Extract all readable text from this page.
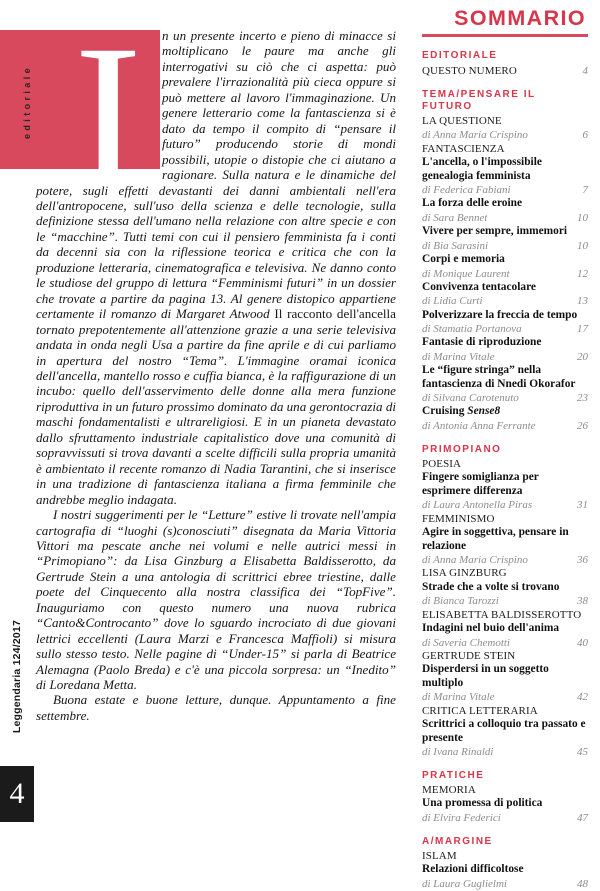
Leggendaria 124/2017
4
editoriale I	n un presente incerto e pieno di minacce si moltiplicano le paure ma anche gli interrogativi su ciò che ci aspetta: può prevalere l'irrazionalità più cieca oppure si può mettere al lavoro l'immaginazione. Un genere letterario come la fantascienza si è dato da tempo il compito di “pensare il futuro” producendo storie di mondi possibili, utopie o distopie che ci aiutano a ragionare. Sulla natura e le dinamiche del potere, sugli effetti devastanti dei danni ambientali nell'era dell'antropocene, sull'uso della scienza e delle tecnologie, sulla definizione stessa dell'umano nella relazione con altre specie e con le “macchine”. Tutti temi con cui il pensiero femminista fa i conti da decenni sia con la riflessione teorica e critica che con la produzione letteraria, cinematografica e televisiva. Ne danno conto le studiose del gruppo di lettura “Femminismi futuri” in un dossier che trovate a partire da pagina 13. Al genere distopico appartiene certamente il romanzo di Margaret Atwood Il racconto dell'ancella tornato prepotentemente all'attenzione grazie a una serie televisiva andata in onda negli Usa a partire da fine aprile e di cui parliamo in apertura del nostro “Tema”. L'immagine oramai iconica dell'ancella, mantello rosso e cuffia bianca, è la raffigurazione di un incubo: quello dell'asservimento delle donne alla mera funzione riproduttiva in un futuro prossimo dominato da una gerontocrazia di maschi fondamentalisti e ultrareligiosi. E in un pianeta devastato dallo sfruttamento industriale capitalistico dove una comunità di sopravvissuti si trova davanti a scelte difficili sulla propria umanità è ambientato il recente romanzo di Nadia Tarantini, che si inserisce in una tradizione di fantascienza italiana a firma femminile che andrebbe meglio indagata.

I nostri suggerimenti per le “Letture” estive li trovate nell'ampia cartografia di “luoghi (s)conosciuti” disegnata da Maria Vittoria Vittori ma pescate anche nei volumi e nelle autrici messi in “Primopiano”: da Lisa Ginzburg a Elisabetta Baldisserotto, da Gertrude Stein a una antologia di scrittrici ebree triestine, dalle poete del Cinquecento alla nostra classifica dei “TopFive”. Inauguriamo con questo numero una nuova rubrica “Canto&Controcanto” dove lo sguardo incrociato di due giovani lettrici eccellenti (Laura Marzi e Francesca Maffioli) si misura sullo stesso testo. Nelle pagine di “Under-15” si parla di Beatrice Alemagna (Paolo Breda) e c'è una piccola sorpresa: un “Inedito” di Loredana Metta.

Buona estate e buone letture, dunque. Appuntamento a fine settembre.

SOMMARIO
EDITORIALE
QUESTO NUMERO	4
TEMA/PENSARE IL FUTURO
LA QUESTIONE
di Anna Maria Crispino	6
FANTASCIENZA
L'ancella, o l'impossibile genealogia femminista
di Federica Fabiani	7
La forza delle eroine
di Sara Bennet	10
Vivere per sempre, immemori
di Bia Sarasini	10
Corpi e memoria
di Monique Laurent	12
Convivenza tentacolare
di Lidia Curti	13
Polverizzare la freccia de tempo
di Stamatia Portanova	17
Fantasie di riproduzione
di Marina Vitale	20
Le “figure stringa” nella fantascienza di Nnedi Okorafor
di Silvana Carotenuto	23
Cruising Sense8
di Antonia Anna Ferrante	26
PRIMOPIANO
POESIA
Fingere somiglianza per esprimere differenza
di Laura Antonella Piras	31
FEMMINISMO
Agire in soggettiva, pensare in relazione
di Anna Maria Crispino	36
LISA GINZBURG
Strade che a volte si trovano
di Bianca Tarozzi	38
ELISABETTA BALDISSEROTTO
Indagini nel buio dell'anima
di Saveria Chemotti	40
GERTRUDE STEIN
Disperdersi in un soggetto multiplo
di Marina Vitale	42
CRITICA LETTERARIA
Scrittrici a colloquio tra passato e presente
di Ivana Rinaldi	45
PRATICHE
MEMORIA
Una promessa di politica
di Elvira Federici	47
A/MARGINE
ISLAM
Relazioni difficoltose
di Laura Guglielmi	48
